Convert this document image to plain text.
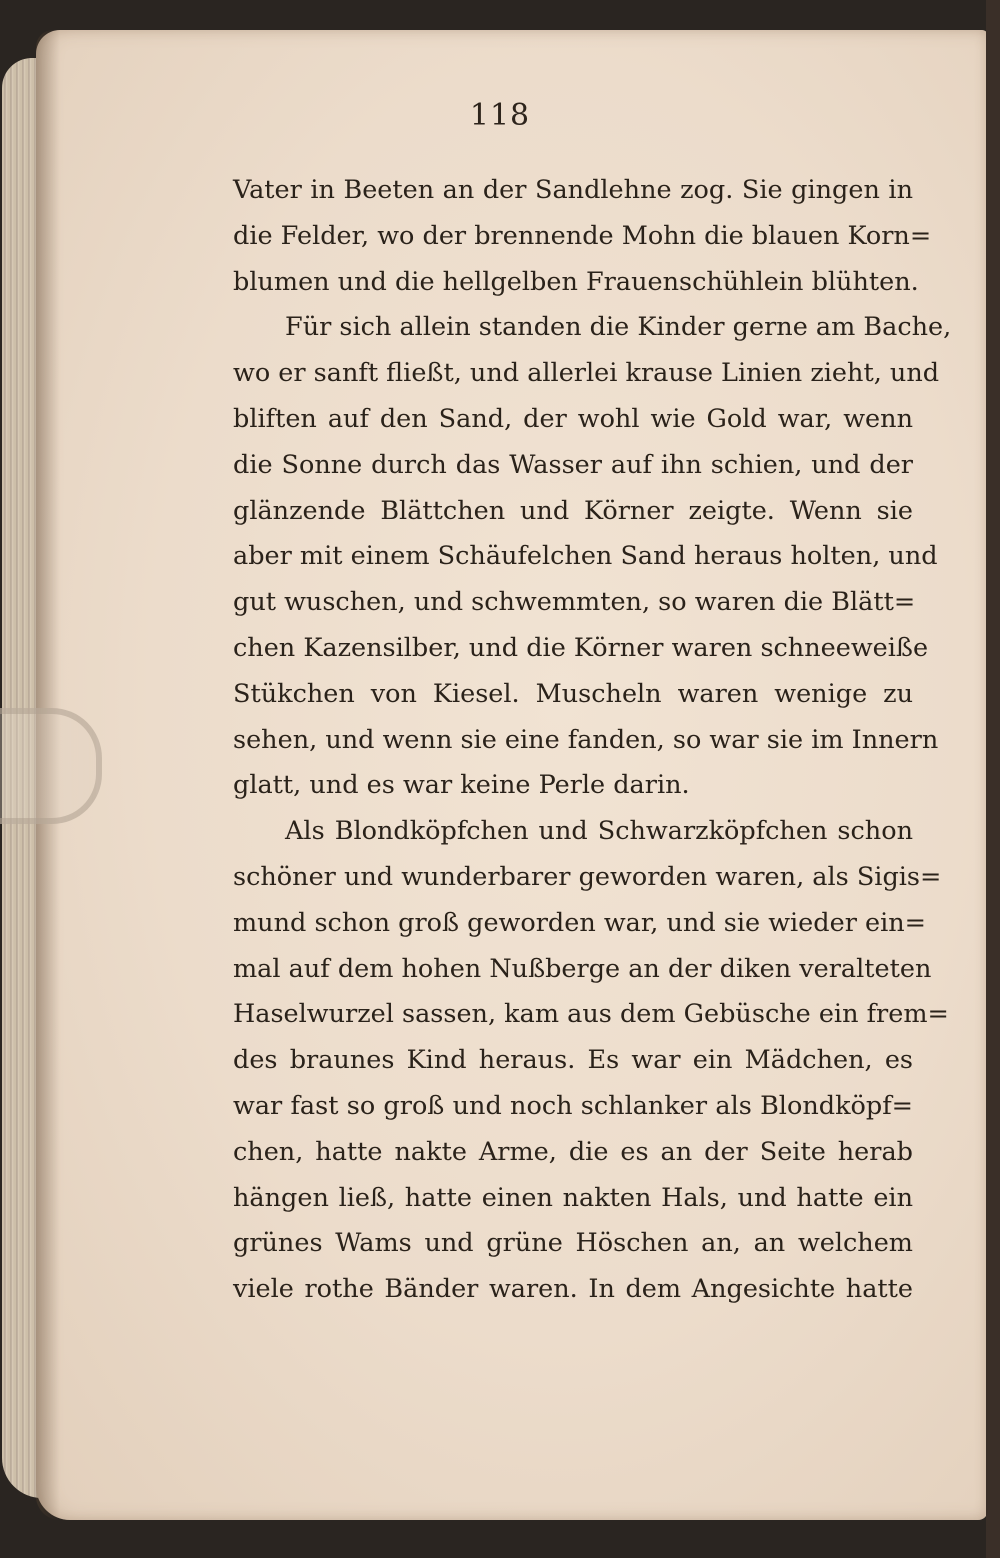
118
Vater in Beeten an der Sandlehne zog. Sie gingen in
die Felder, wo der brennende Mohn die blauen Korn=
blumen und die hellgelben Frauenschühlein blühten.
Für sich allein standen die Kinder gerne am Bache,
wo er sanft fließt, und allerlei krause Linien zieht, und
bliften auf den Sand, der wohl wie Gold war, wenn
die Sonne durch das Wasser auf ihn schien, und der
glänzende Blättchen und Körner zeigte. Wenn sie
aber mit einem Schäufelchen Sand heraus holten, und
gut wuschen, und schwemmten, so waren die Blätt=
chen Kazensilber, und die Körner waren schneeweiße
Stükchen von Kiesel. Muscheln waren wenige zu
sehen, und wenn sie eine fanden, so war sie im Innern
glatt, und es war keine Perle darin.
Als Blondköpfchen und Schwarzköpfchen schon
schöner und wunderbarer geworden waren, als Sigis=
mund schon groß geworden war, und sie wieder ein=
mal auf dem hohen Nußberge an der diken veralteten
Haselwurzel sassen, kam aus dem Gebüsche ein frem=
des braunes Kind heraus. Es war ein Mädchen, es
war fast so groß und noch schlanker als Blondköpf=
chen, hatte nakte Arme, die es an der Seite herab
hängen ließ, hatte einen nakten Hals, und hatte ein
grünes Wams und grüne Höschen an, an welchem
viele rothe Bänder waren. In dem Angesichte hatte
